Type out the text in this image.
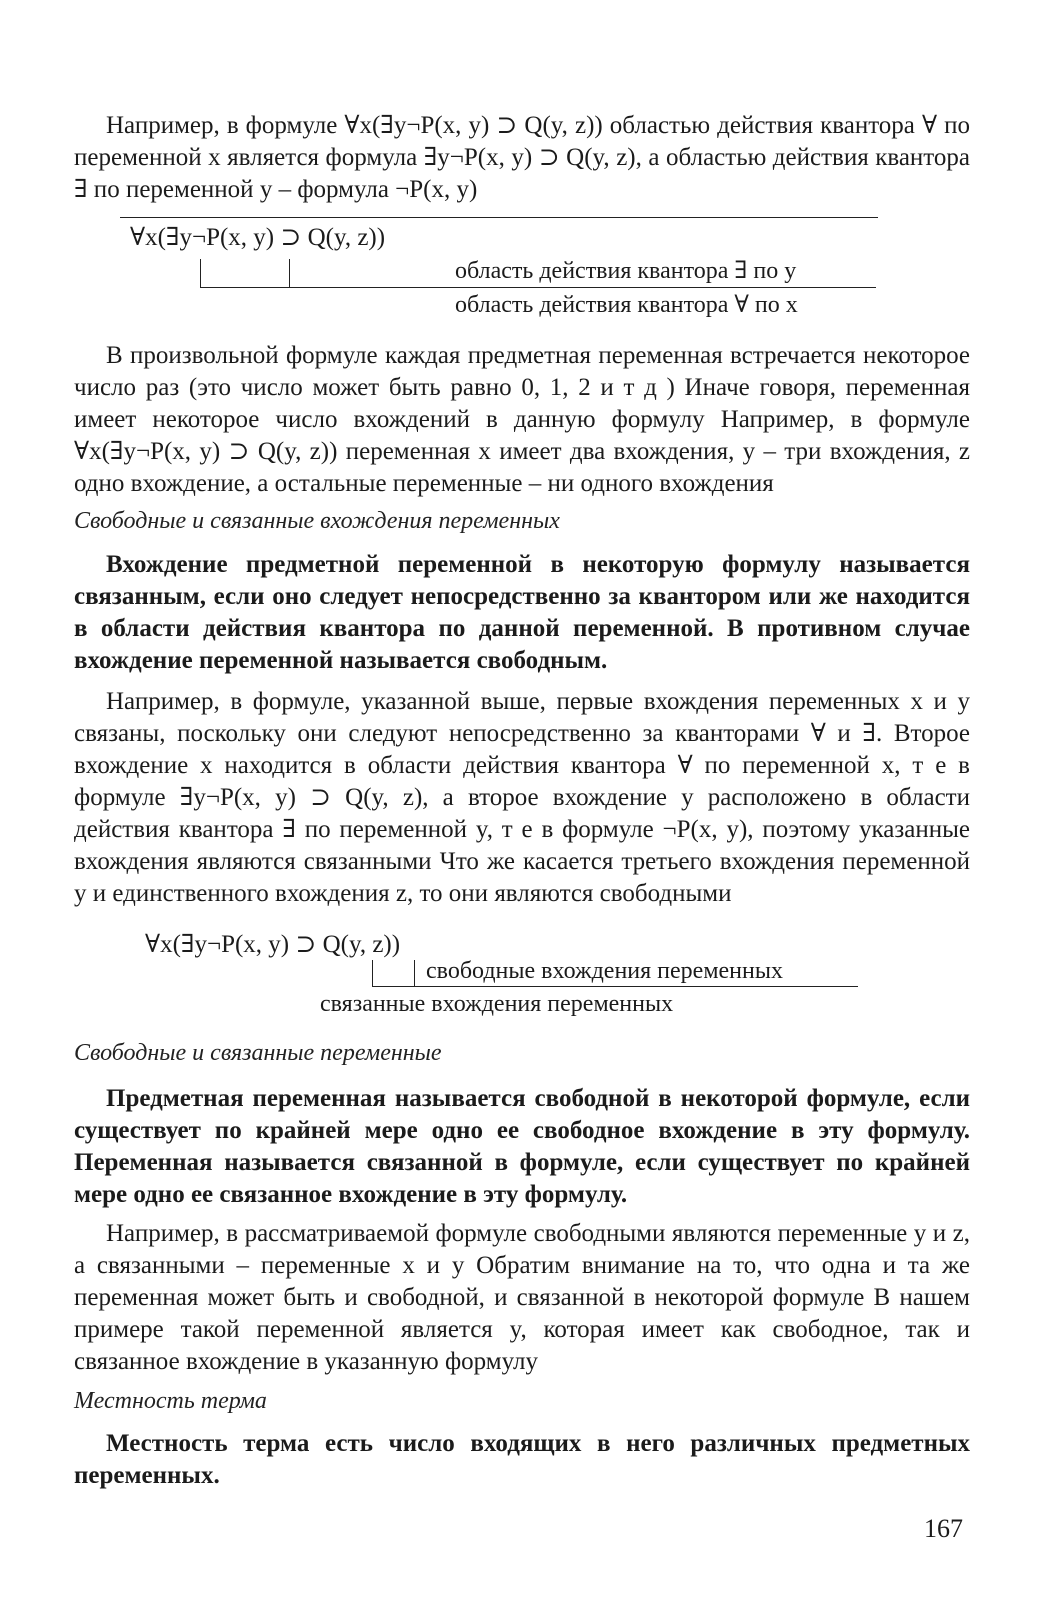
Например, в формуле ∀x(∃y¬P(x, y) ⊃ Q(y, z)) областью действия квантора ∀ по переменной x является формула ∃y¬P(x, y) ⊃ Q(y, z), а областью действия квантора ∃ по переменной y – формула ¬P(x, y)

∀x(∃y¬P(x, y) ⊃ Q(y, z))
область действия квантора ∃ по y
область действия квантора ∀ по x

В произвольной формуле каждая предметная переменная встречается некоторое число раз (это число может быть равно 0, 1, 2 и т д ) Иначе говоря, переменная имеет некоторое число вхождений в данную формулу Например, в формуле ∀x(∃y¬P(x, y) ⊃ Q(y, z)) переменная x имеет два вхождения, y – три вхождения, z одно вхождение, а остальные переменные – ни одного вхождения

Свободные и связанные вхождения переменных

Вхождение предметной переменной в некоторую формулу называется связанным, если оно следует непосредственно за квантором или же находится в области действия квантора по данной переменной. В противном случае вхождение переменной называется свободным.

Например, в формуле, указанной выше, первые вхождения переменных x и y связаны, поскольку они следуют непосредственно за кванторами ∀ и ∃. Второе вхождение x находится в области действия квантора ∀ по переменной x, т е в формуле ∃y¬P(x, y) ⊃ Q(y, z), а второе вхождение y расположено в области действия квантора ∃ по переменной y, т е в формуле ¬P(x, y), поэтому указанные вхождения являются связанными Что же касается третьего вхождения переменной y и единственного вхождения z, то они являются свободными

∀x(∃y¬P(x, y) ⊃ Q(y, z))
свободные вхождения переменных
связанные вхождения переменных
Свободные и связанные переменные

Предметная переменная называется свободной в некоторой формуле, если существует по крайней мере одно ее свободное вхождение в эту формулу. Переменная называется связанной в формуле, если существует по крайней мере одно ее связанное вхождение в эту формулу.

Например, в рассматриваемой формуле свободными являются переменные y и z, а связанными – переменные x и y Обратим внимание на то, что одна и та же переменная может быть и свободной, и связанной в некоторой формуле В нашем примере такой переменной является y, которая имеет как свободное, так и связанное вхождение в указанную формулу

Местность терма

Местность терма есть число входящих в него различных предметных переменных.

167
